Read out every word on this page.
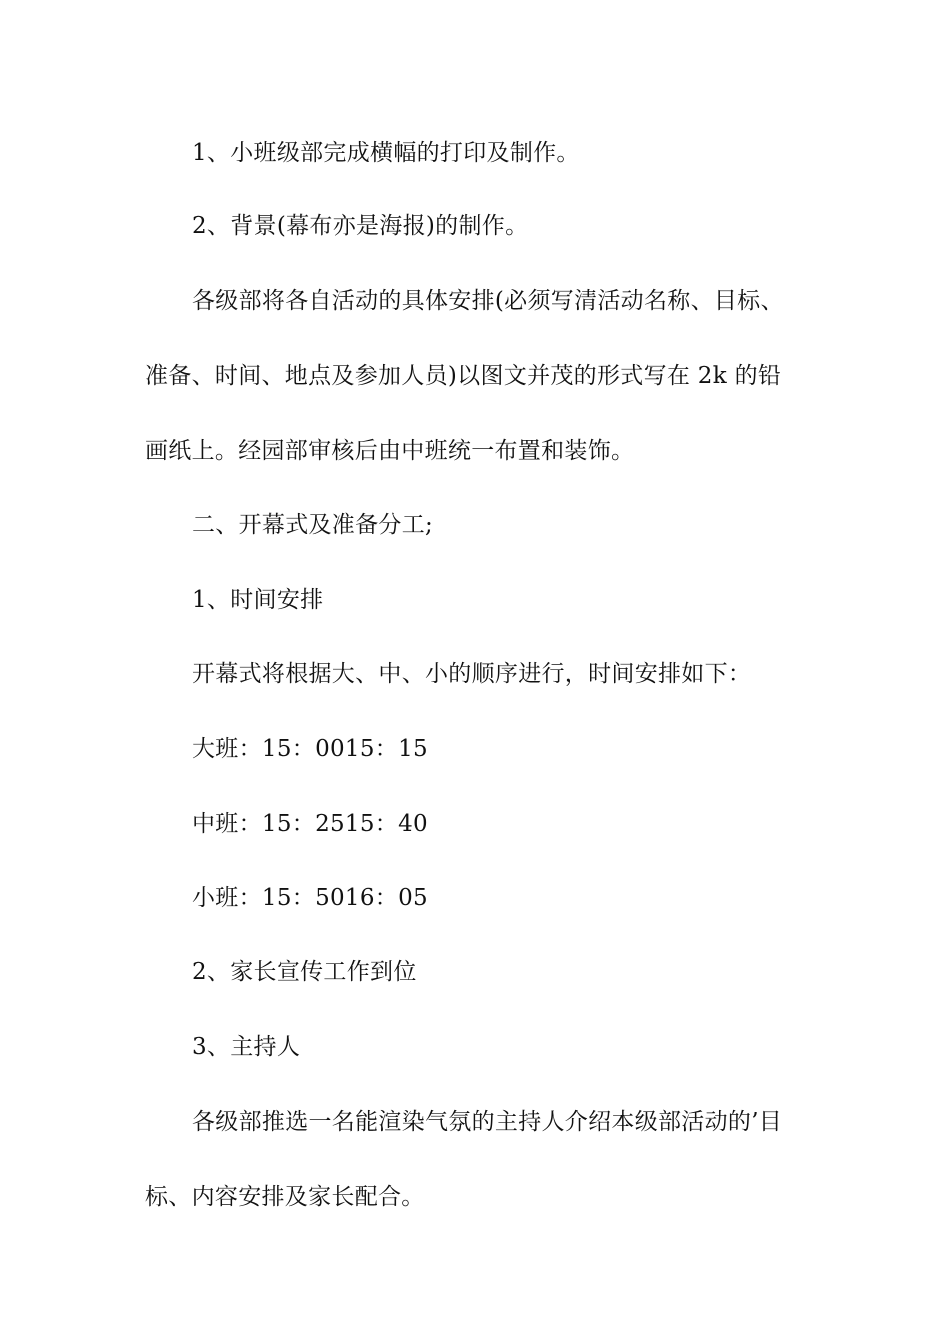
1、小班级部完成横幅的打印及制作。
2、背景(幕布亦是海报)的制作。
各级部将各自活动的具体安排(必须写清活动名称、目标、
准备、时间、地点及参加人员)以图文并茂的形式写在 2k 的铅
画纸上。经园部审核后由中班统一布置和装饰。
二、开幕式及准备分工;
1、时间安排
开幕式将根据大、中、小的顺序进行，时间安排如下：
大班：15：0015：15
中班：15：2515：40
小班：15：5016：05
2、家长宣传工作到位
3、主持人
各级部推选一名能渲染气氛的主持人介绍本级部活动的’目
标、内容安排及家长配合。
